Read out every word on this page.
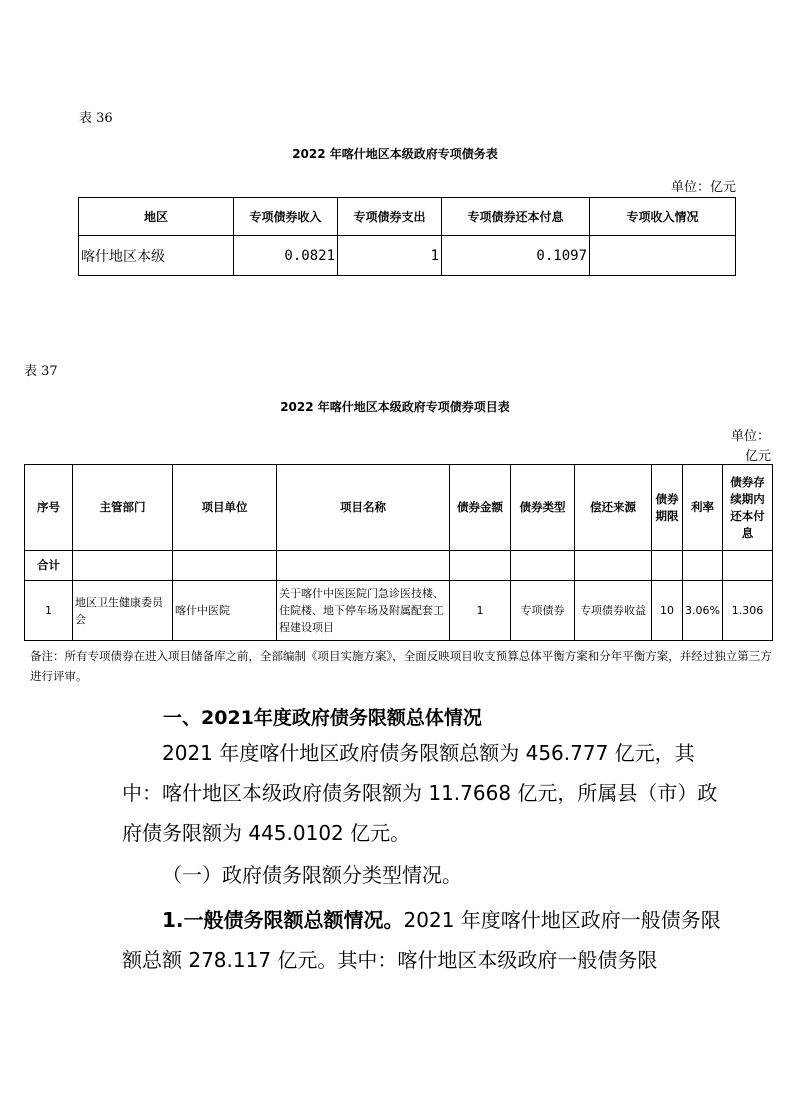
表 36
2022 年喀什地区本级政府专项债务表
单位：亿元
地区	专项债券收入	专项债券支出	专项债券还本付息	专项收入情况
喀什地区本级	0.0821	1	0.1097	
表 37
2022 年喀什地区本级政府专项债券项目表
单位：
亿元
序号	主管部门	项目单位	项目名称	债券金额	债券类型	偿还来源	债券期限	利率	债券存续期内还本付息
合计									
1	地区卫生健康委员会	喀什中医院	关于喀什中医医院门急诊医技楼、住院楼、地下停车场及附属配套工程建设项目	1	专项债券	专项债券收益	10	3.06%	1.306
备注：所有专项债券在进入项目储备库之前，全部编制《项目实施方案》，全面反映项目收支预算总体平衡方案和分年平衡方案，并经过独立第三方进行评审。
一、2021年度政府债务限额总体情况
2021 年度喀什地区政府债务限额总额为 456.777 亿元，其中：喀什地区本级政府债务限额为 11.7668 亿元，所属县（市）政府债务限额为 445.0102 亿元。
（一）政府债务限额分类型情况。
1.一般债务限额总额情况。2021 年度喀什地区政府一般债务限额总额 278.117 亿元。其中：喀什地区本级政府一般债务限
